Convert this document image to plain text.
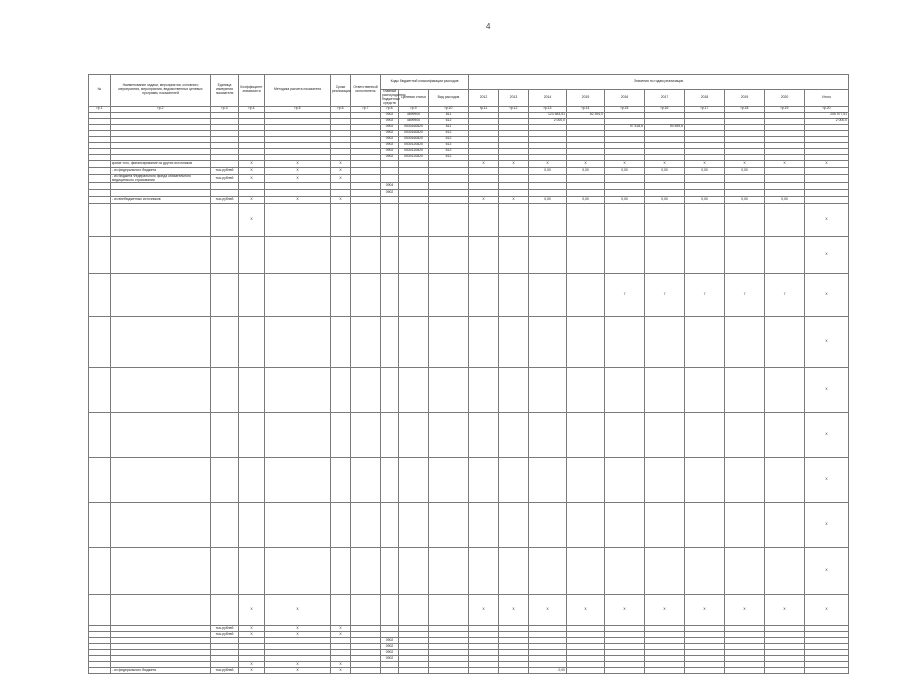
4
№	Наименование задачи, мероприятия, основного мероприятия, мероприятия, ведомственных целевых программ, показателей	Единица измерения показателя	Коэффициент значимости	Методика расчета показателя	Сроки реализации	Ответственный исполнитель	Коды бюджетной классификации расходов			Значения по годам реализации									
							Главный распорядитель бюджетных средств	Целевая статья	Вид расходов	2012	2013	2014	2015	2016	2017	2018	2019	2020	Итого
гр.1	гр.2	гр.3	гр.4	гр.5	гр.6	гр.7	гр.8	гр.9	гр.10	гр.11	гр.12	гр.13	гр.14	гр.15	гр.16	гр.17	гр.18	гр.19	гр.20
							0902	4699900	811			123 583,51	82 394,0						205 977,51
							0902	4699900	612			2 000,0							2 000,0
							0902	0530160820	611					97 518,6	90 559,6				
							0902	0530160820	612										
							0902	0530160820	612										
							0902	0530120820	612										
							0902	0530120820	612										
							0902	0530120820	612										
	кроме того, финансирование из других источников		Х	Х	Х					Х	Х	Х	Х	Х	Х	Х	Х	Х	Х
	- из федерального бюджета	тыс.рублей	Х	Х	Х							0,00	0,00	0,00	0,00	0,00	0,00		
	- из бюджета Федерального фонда обязательного медицинского страхования	тыс.рублей	Х	Х	Х														
							0904												
							0902												
	- из внебюджетных источников	тыс.рублей	Х	Х	Х					Х	Х	0,00	0,00	0,00	0,00	0,00	0,00	0,00	
			Х																Х
																			Х
														7	7	7	7	7	Х
																			Х
																			Х
																			Х
																			Х
																			Х
																			Х
			Х	Х						Х	Х	Х	Х	Х	Х	Х	Х	Х	Х
		тыс.рублей	Х	Х	Х														
		тыс.рублей	Х	Х	Х														
							0902												
							0902												
							0902												
							0902												
			Х	Х	Х														
	- из федерального бюджета	тыс.рублей	Х	Х	Х							0,00							
